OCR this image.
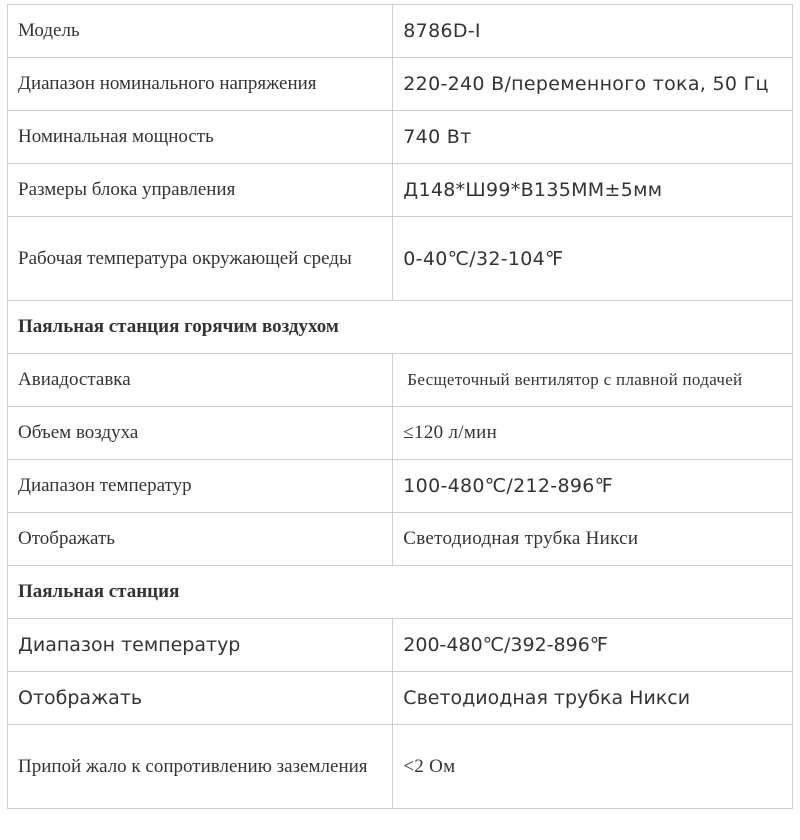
Модель	8786D-I
Диапазон номинального напряжения	220-240 В/переменного тока, 50 Гц
Номинальная мощность	740 Вт
Размеры блока управления	Д148*Ш99*В135ММ±5мм
Рабочая температура окружающей среды	0-40℃/32-104℉
Паяльная станция горячим воздухом	
Авиадоставка	Бесщеточный вентилятор с плавной подачей
Объем воздуха	≤120 л/мин
Диапазон температур	100-480℃/212-896℉
Отображать	Светодиодная трубка Никси
Паяльная станция	
Диапазон температур	200-480℃/392-896℉
Отображать	Светодиодная трубка Никси
Припой жало к сопротивлению заземления	<2 Ом
